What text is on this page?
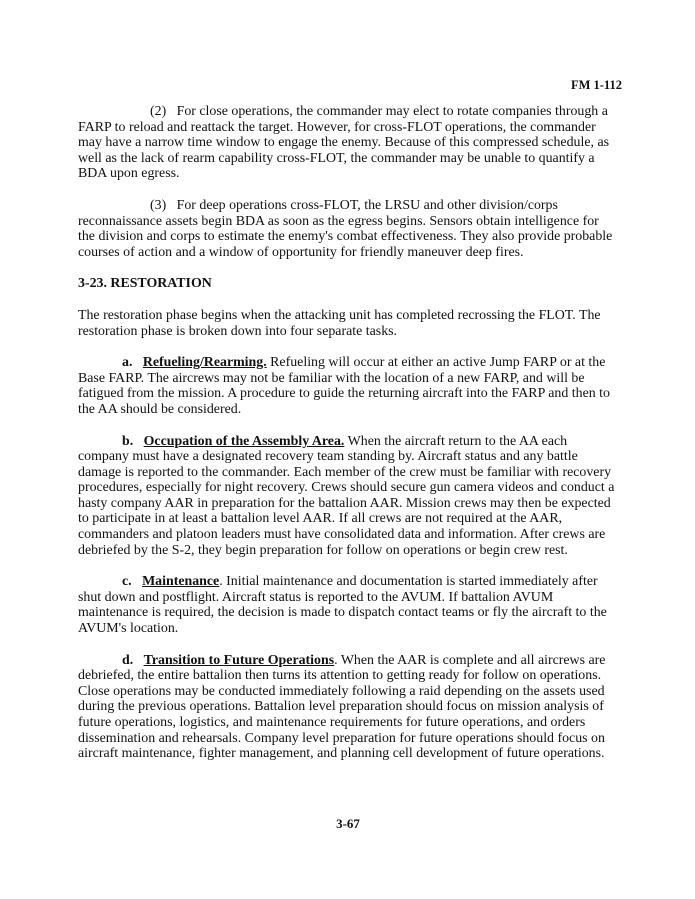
FM 1-112

(2) For close operations, the commander may elect to rotate companies through a FARP to reload and reattack the target. However, for cross-FLOT operations, the commander may have a narrow time window to engage the enemy. Because of this compressed schedule, as well as the lack of rearm capability cross-FLOT, the commander may be unable to quantify a BDA upon egress.

(3) For deep operations cross-FLOT, the LRSU and other division/corps reconnaissance assets begin BDA as soon as the egress begins. Sensors obtain intelligence for the division and corps to estimate the enemy's combat effectiveness. They also provide probable courses of action and a window of opportunity for friendly maneuver deep fires.

3-23. RESTORATION

The restoration phase begins when the attacking unit has completed recrossing the FLOT. The restoration phase is broken down into four separate tasks.

a. Refueling/Rearming. Refueling will occur at either an active Jump FARP or at the Base FARP. The aircrews may not be familiar with the location of a new FARP, and will be fatigued from the mission. A procedure to guide the returning aircraft into the FARP and then to the AA should be considered.

b. Occupation of the Assembly Area. When the aircraft return to the AA each company must have a designated recovery team standing by. Aircraft status and any battle damage is reported to the commander. Each member of the crew must be familiar with recovery procedures, especially for night recovery. Crews should secure gun camera videos and conduct a hasty company AAR in preparation for the battalion AAR. Mission crews may then be expected to participate in at least a battalion level AAR. If all crews are not required at the AAR, commanders and platoon leaders must have consolidated data and information. After crews are debriefed by the S-2, they begin preparation for follow on operations or begin crew rest.

c. Maintenance. Initial maintenance and documentation is started immediately after shut down and postflight. Aircraft status is reported to the AVUM. If battalion AVUM maintenance is required, the decision is made to dispatch contact teams or fly the aircraft to the AVUM's location.

d. Transition to Future Operations. When the AAR is complete and all aircrews are debriefed, the entire battalion then turns its attention to getting ready for follow on operations. Close operations may be conducted immediately following a raid depending on the assets used during the previous operations. Battalion level preparation should focus on mission analysis of future operations, logistics, and maintenance requirements for future operations, and orders dissemination and rehearsals. Company level preparation for future operations should focus on aircraft maintenance, fighter management, and planning cell development of future operations.

3-67
